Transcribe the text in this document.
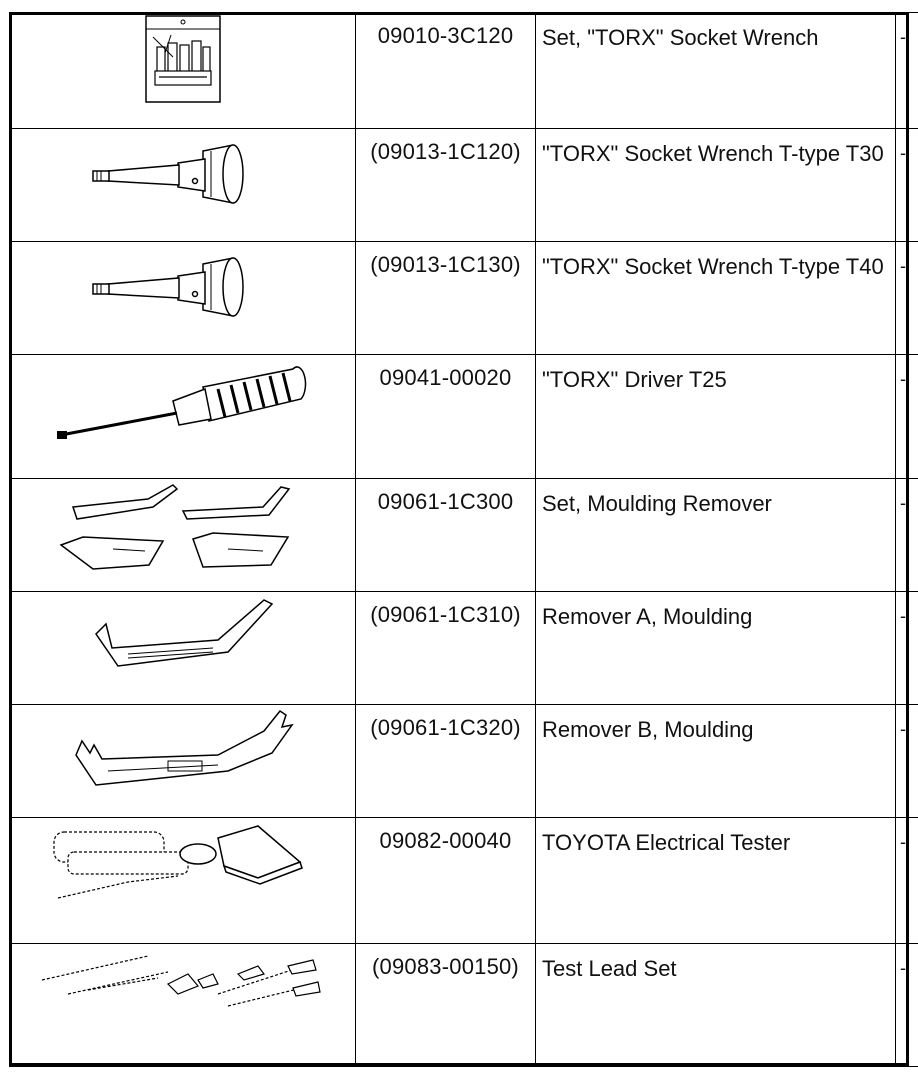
	09010-3C120	Set, "TORX" Socket Wrench	-

	(09013-1C120)	"TORX" Socket Wrench T-type T30	-

	(09013-1C130)	"TORX" Socket Wrench T-type T40	-

	09041-00020	"TORX" Driver T25	-

	09061-1C300	Set, Moulding Remover	-

	(09061-1C310)	Remover A, Moulding	-

	(09061-1C320)	Remover B, Moulding	-

	09082-00040	TOYOTA Electrical Tester	-

	(09083-00150)	Test Lead Set	-
